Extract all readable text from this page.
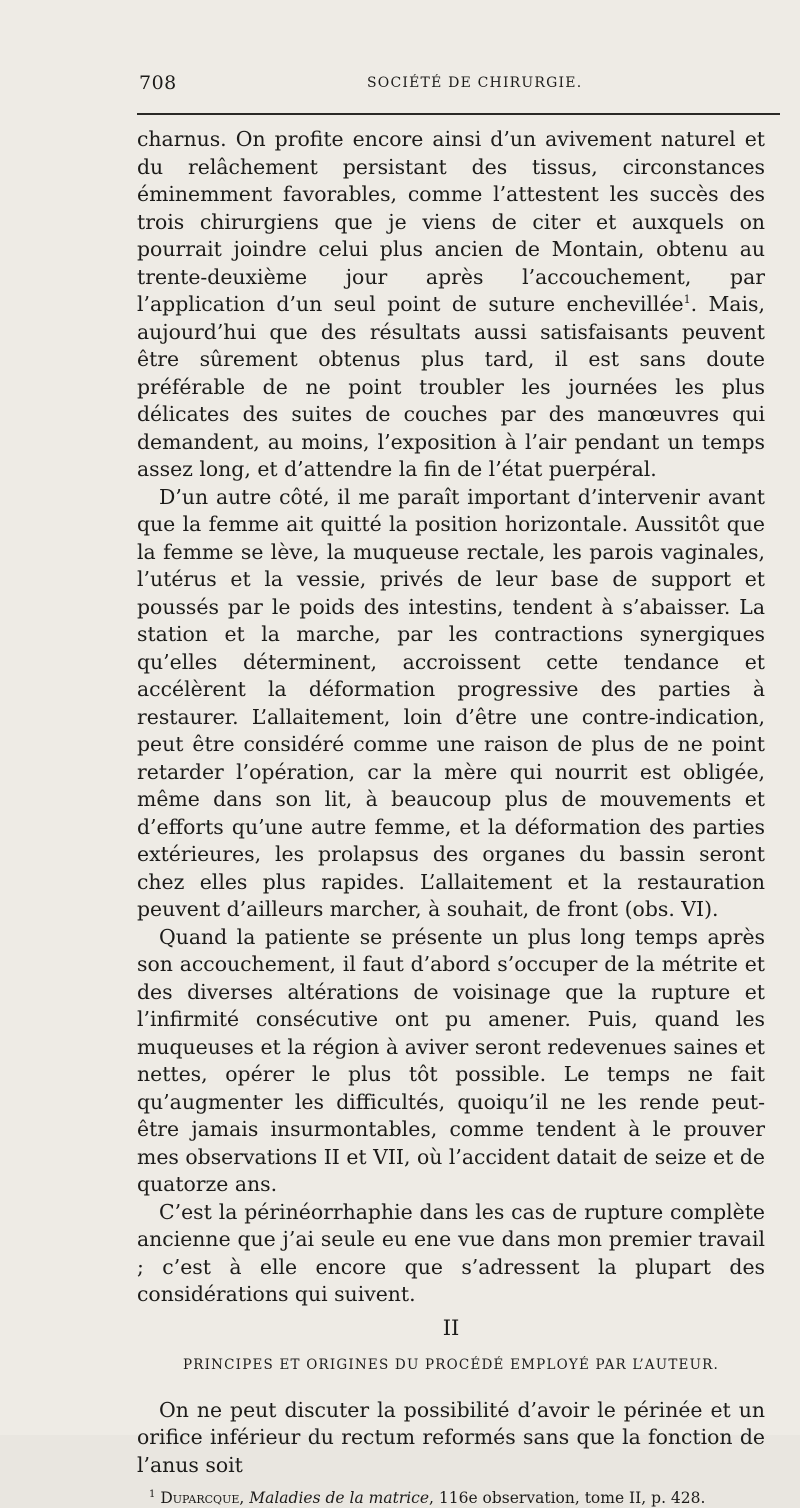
708	SOCIÉTÉ DE CHIRURGIE.

charnus. On profite encore ainsi d’un avivement naturel et du relâchement persistant des tissus, circonstances éminemment favorables, comme l’attestent les succès des trois chirurgiens que je viens de citer et auxquels on pourrait joindre celui plus ancien de Montain, obtenu au trente-deuxième jour après l’accouchement, par l’application d’un seul point de suture enchevillée$^1$. Mais, aujourd’hui que des résultats aussi satisfaisants peuvent être sûrement obtenus plus tard, il est sans doute préférable de ne point troubler les journées les plus délicates des suites de couches par des manœuvres qui demandent, au moins, l’exposition à l’air pendant un temps assez long, et d’attendre la fin de l’état puerpéral.

D’un autre côté, il me paraît important d’intervenir avant que la femme ait quitté la position horizontale. Aussitôt que la femme se lève, la muqueuse rectale, les parois vaginales, l’utérus et la vessie, privés de leur base de support et poussés par le poids des intestins, tendent à s’abaisser. La station et la marche, par les contractions synergiques qu’elles déterminent, accroissent cette tendance et accélèrent la déformation progressive des parties à restaurer. L’allaitement, loin d’être une contre-indication, peut être considéré comme une raison de plus de ne point retarder l’opération, car la mère qui nourrit est obligée, même dans son lit, à beaucoup plus de mouvements et d’efforts qu’une autre femme, et la déformation des parties extérieures, les prolapsus des organes du bassin seront chez elles plus rapides. L’allaitement et la restauration peuvent d’ailleurs marcher, à souhait, de front (obs. VI).

Quand la patiente se présente un plus long temps après son accouchement, il faut d’abord s’occuper de la métrite et des diverses altérations de voisinage que la rupture et l’infirmité consécutive ont pu amener. Puis, quand les muqueuses et la région à aviver seront redevenues saines et nettes, opérer le plus tôt possible. Le temps ne fait qu’augmenter les difficultés, quoiqu’il ne les rende peut-être jamais insurmontables, comme tendent à le prouver mes observations II et VII, où l’accident datait de seize et de quatorze ans.

C’est la périnéorrhaphie dans les cas de rupture complète ancienne que j’ai seule eu ene vue dans mon premier travail ; c’est à elle encore que s’adressent la plupart des considérations qui suivent.

II

PRINCIPES ET ORIGINES DU PROCÉDÉ EMPLOYÉ PAR L’AUTEUR.

On ne peut discuter la possibilité d’avoir le périnée et un orifice inférieur du rectum reformés sans que la fonction de l’anus soit

$^1$ Duparcque, Maladies de la matrice, 116e observation, tome II, p. 428.
